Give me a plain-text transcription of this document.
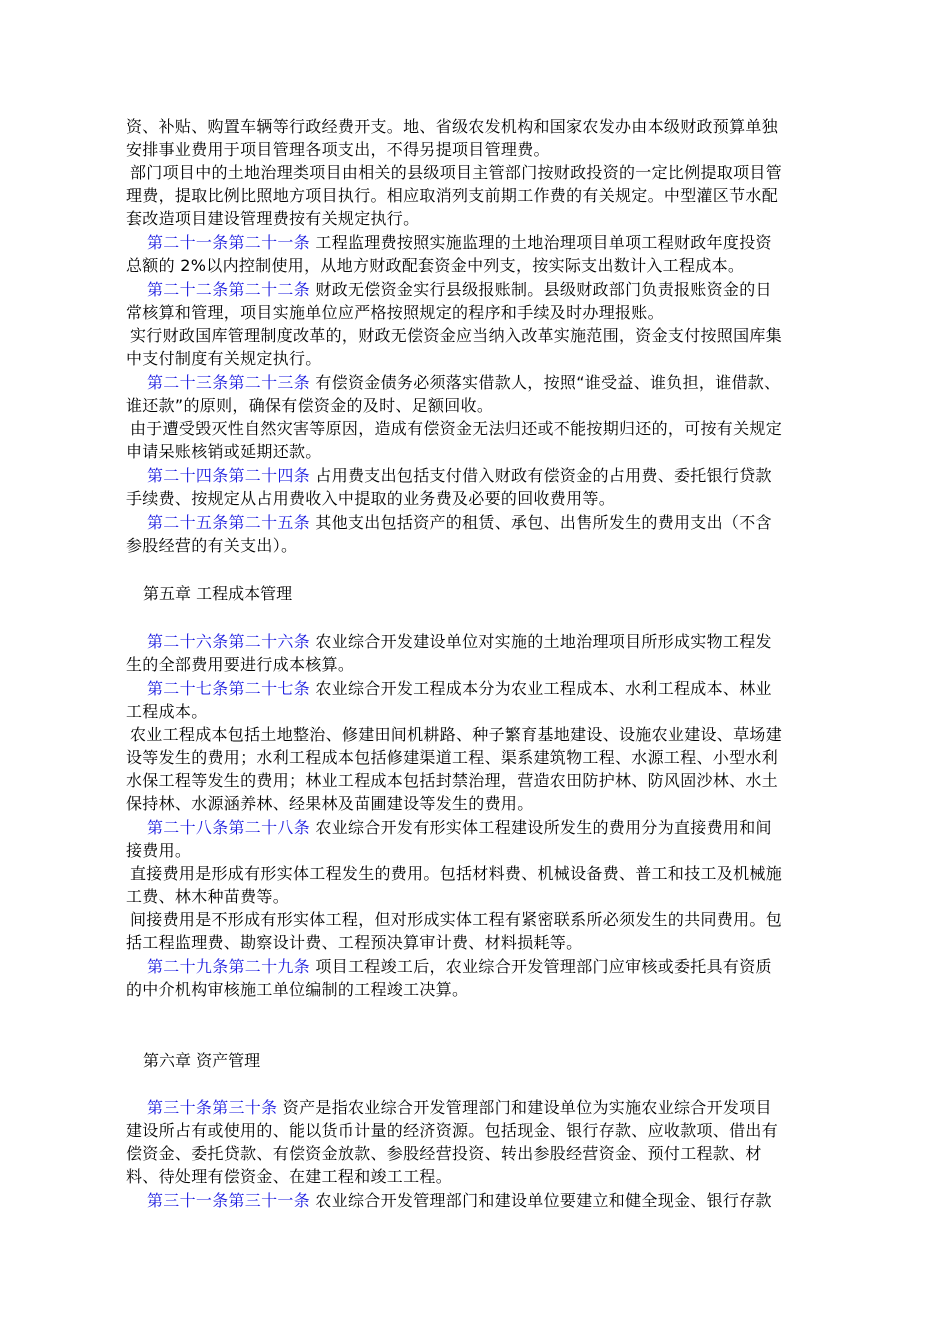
资、补贴、购置车辆等行政经费开支。地、省级农发机构和国家农发办由本级财政预算单独
安排事业费用于项目管理各项支出，不得另提项目管理费。
部门项目中的土地治理类项目由相关的县级项目主管部门按财政投资的一定比例提取项目管
理费，提取比例比照地方项目执行。相应取消列支前期工作费的有关规定。中型灌区节水配
套改造项目建设管理费按有关规定执行。
第二十一条第二十一条 工程监理费按照实施监理的土地治理项目单项工程财政年度投资
总额的 2%以内控制使用，从地方财政配套资金中列支，按实际支出数计入工程成本。
第二十二条第二十二条 财政无偿资金实行县级报账制。县级财政部门负责报账资金的日
常核算和管理，项目实施单位应严格按照规定的程序和手续及时办理报账。
实行财政国库管理制度改革的，财政无偿资金应当纳入改革实施范围，资金支付按照国库集
中支付制度有关规定执行。
第二十三条第二十三条 有偿资金债务必须落实借款人，按照“谁受益、谁负担，谁借款、
谁还款”的原则，确保有偿资金的及时、足额回收。
由于遭受毁灭性自然灾害等原因，造成有偿资金无法归还或不能按期归还的，可按有关规定
申请呆账核销或延期还款。
第二十四条第二十四条 占用费支出包括支付借入财政有偿资金的占用费、委托银行贷款
手续费、按规定从占用费收入中提取的业务费及必要的回收费用等。
第二十五条第二十五条 其他支出包括资产的租赁、承包、出售所发生的费用支出（不含
参股经营的有关支出）。
第五章 工程成本管理
第二十六条第二十六条 农业综合开发建设单位对实施的土地治理项目所形成实物工程发
生的全部费用要进行成本核算。
第二十七条第二十七条 农业综合开发工程成本分为农业工程成本、水利工程成本、林业
工程成本。
农业工程成本包括土地整治、修建田间机耕路、种子繁育基地建设、设施农业建设、草场建
设等发生的费用；水利工程成本包括修建渠道工程、渠系建筑物工程、水源工程、小型水利
水保工程等发生的费用；林业工程成本包括封禁治理，营造农田防护林、防风固沙林、水土
保持林、水源涵养林、经果林及苗圃建设等发生的费用。
第二十八条第二十八条 农业综合开发有形实体工程建设所发生的费用分为直接费用和间
接费用。
直接费用是形成有形实体工程发生的费用。包括材料费、机械设备费、普工和技工及机械施
工费、林木种苗费等。
间接费用是不形成有形实体工程，但对形成实体工程有紧密联系所必须发生的共同费用。包
括工程监理费、勘察设计费、工程预决算审计费、材料损耗等。
第二十九条第二十九条 项目工程竣工后，农业综合开发管理部门应审核或委托具有资质
的中介机构审核施工单位编制的工程竣工决算。
第六章 资产管理
第三十条第三十条 资产是指农业综合开发管理部门和建设单位为实施农业综合开发项目
建设所占有或使用的、能以货币计量的经济资源。包括现金、银行存款、应收款项、借出有
偿资金、委托贷款、有偿资金放款、参股经营投资、转出参股经营资金、预付工程款、材
料、待处理有偿资金、在建工程和竣工工程。
第三十一条第三十一条 农业综合开发管理部门和建设单位要建立和健全现金、银行存款
